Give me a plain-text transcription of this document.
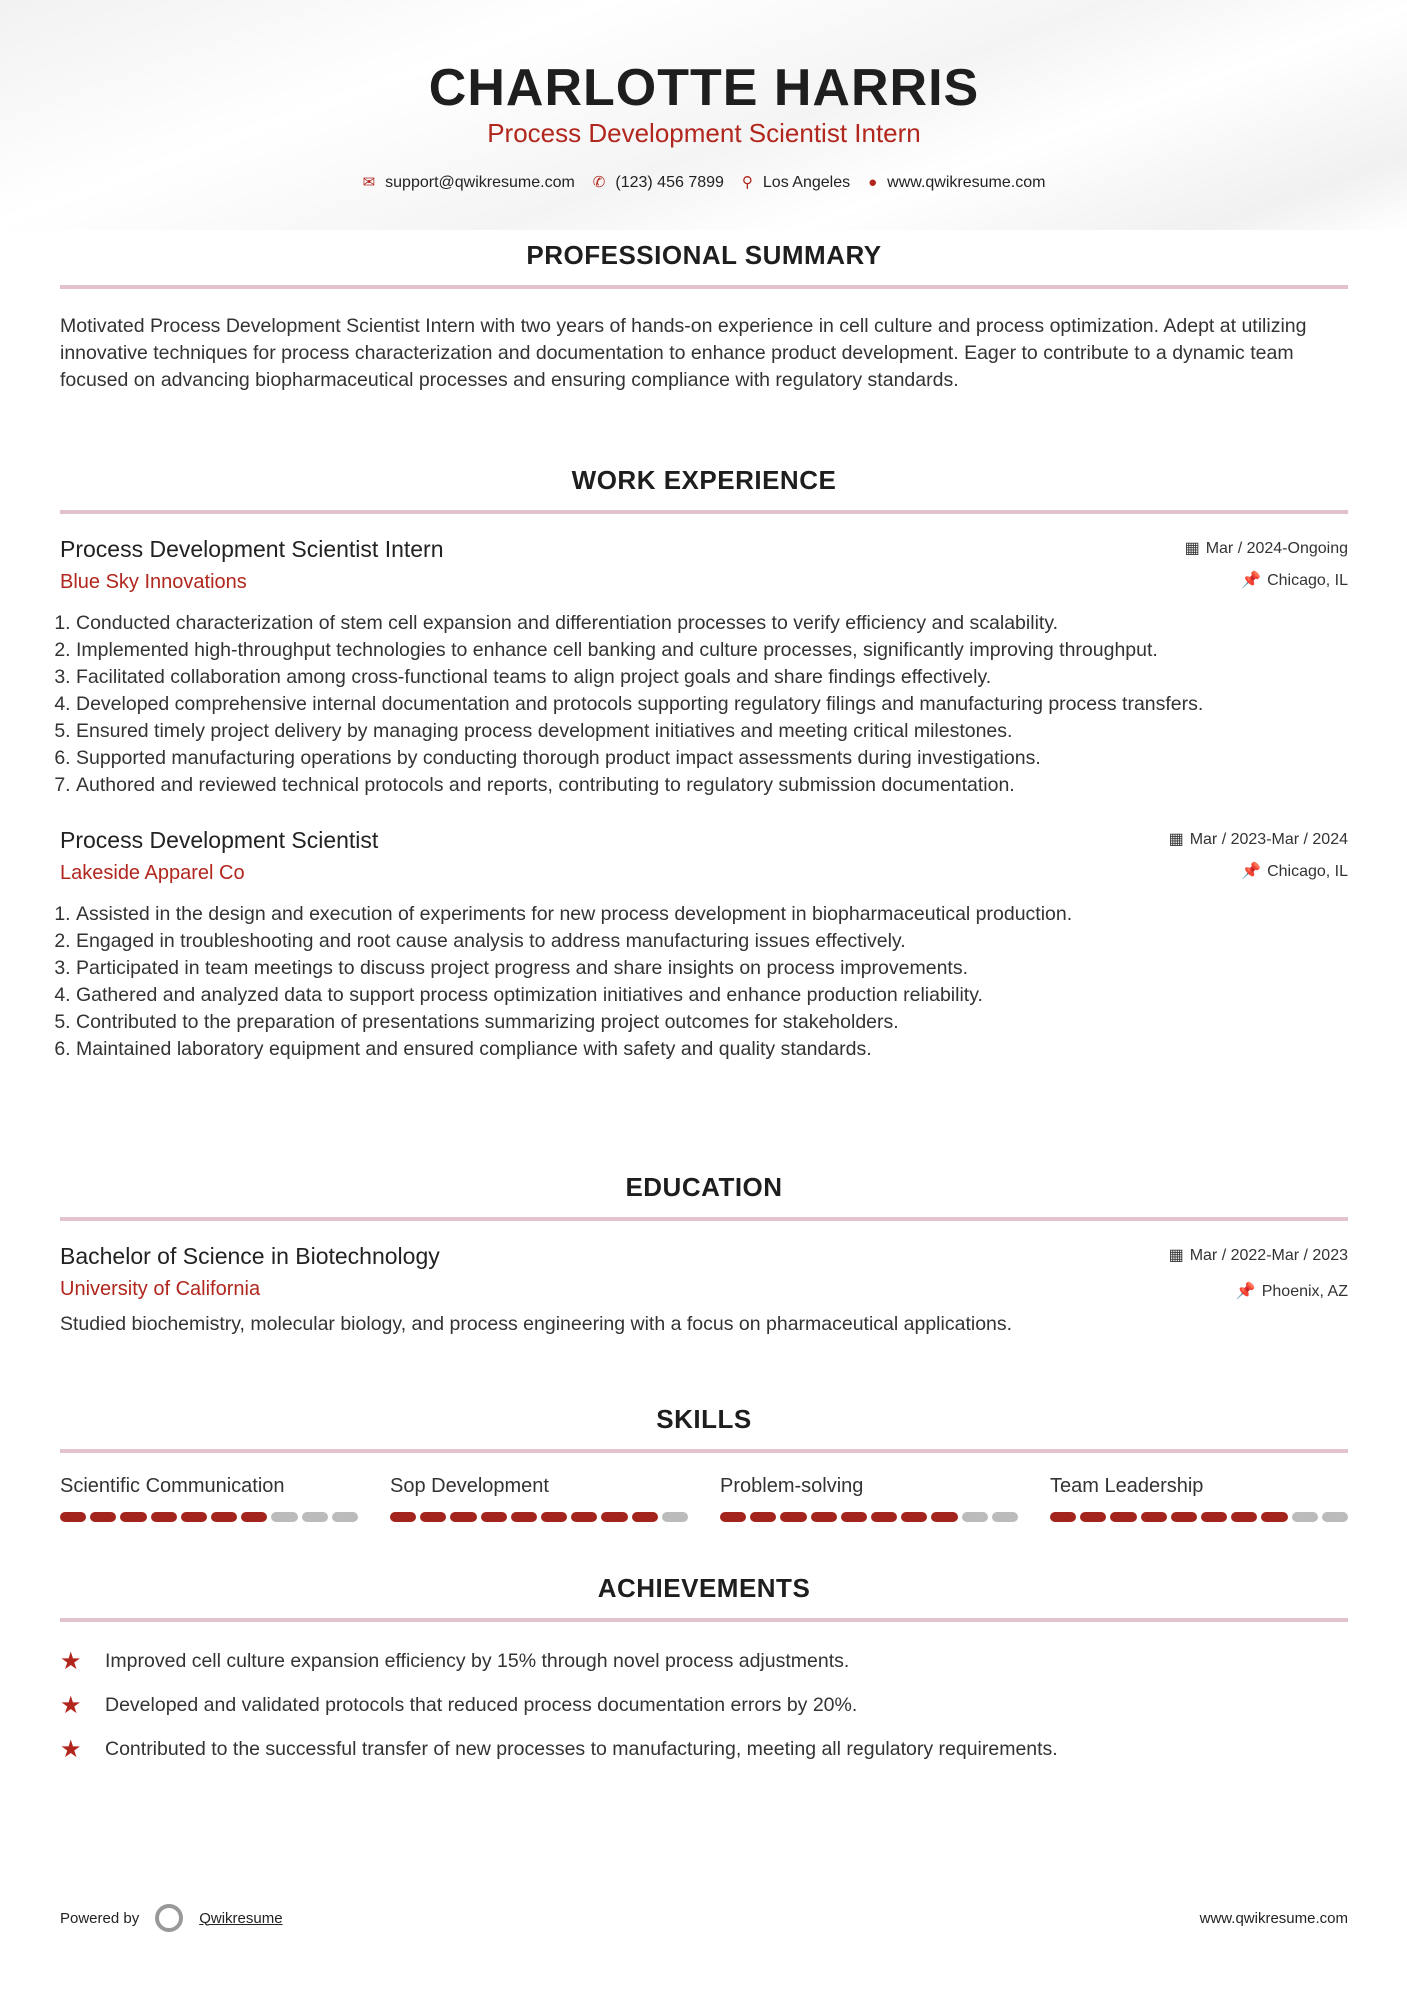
CHARLOTTE HARRIS
Process Development Scientist Intern
✉ support@qwikresume.com ✆ (123) 456 7899 ⚲ Los Angeles ● www.qwikresume.com
PROFESSIONAL SUMMARY

Motivated Process Development Scientist Intern with two years of hands-on experience in cell culture and process optimization. Adept at utilizing innovative techniques for process characterization and documentation to enhance product development. Eager to contribute to a dynamic team focused on advancing biopharmaceutical processes and ensuring compliance with regulatory standards.

WORK EXPERIENCE
▦ Mar / 2024-Ongoing
📌 Chicago, IL
Process Development Scientist Intern
Blue Sky Innovations
1. Conducted characterization of stem cell expansion and differentiation processes to verify efficiency and scalability.
2. Implemented high-throughput technologies to enhance cell banking and culture processes, significantly improving throughput.
3. Facilitated collaboration among cross-functional teams to align project goals and share findings effectively.
4. Developed comprehensive internal documentation and protocols supporting regulatory filings and manufacturing process transfers.
5. Ensured timely project delivery by managing process development initiatives and meeting critical milestones.
6. Supported manufacturing operations by conducting thorough product impact assessments during investigations.
7. Authored and reviewed technical protocols and reports, contributing to regulatory submission documentation.
▦ Mar / 2023-Mar / 2024
📌 Chicago, IL
Process Development Scientist
Lakeside Apparel Co
1. Assisted in the design and execution of experiments for new process development in biopharmaceutical production.
2. Engaged in troubleshooting and root cause analysis to address manufacturing issues effectively.
3. Participated in team meetings to discuss project progress and share insights on process improvements.
4. Gathered and analyzed data to support process optimization initiatives and enhance production reliability.
5. Contributed to the preparation of presentations summarizing project outcomes for stakeholders.
6. Maintained laboratory equipment and ensured compliance with safety and quality standards.
EDUCATION
▦ Mar / 2022-Mar / 2023
📌 Phoenix, AZ
Bachelor of Science in Biotechnology
University of California

Studied biochemistry, molecular biology, and process engineering with a focus on pharmaceutical applications.

SKILLS
Scientific Communication	Sop Development	Problem-solving	Team Leadership
ACHIEVEMENTS
★	Improved cell culture expansion efficiency by 15% through novel process adjustments.
★	Developed and validated protocols that reduced process documentation errors by 20%.
★	Contributed to the successful transfer of new processes to manufacturing, meeting all regulatory requirements.
Powered by	Qwikresume	www.qwikresume.com
